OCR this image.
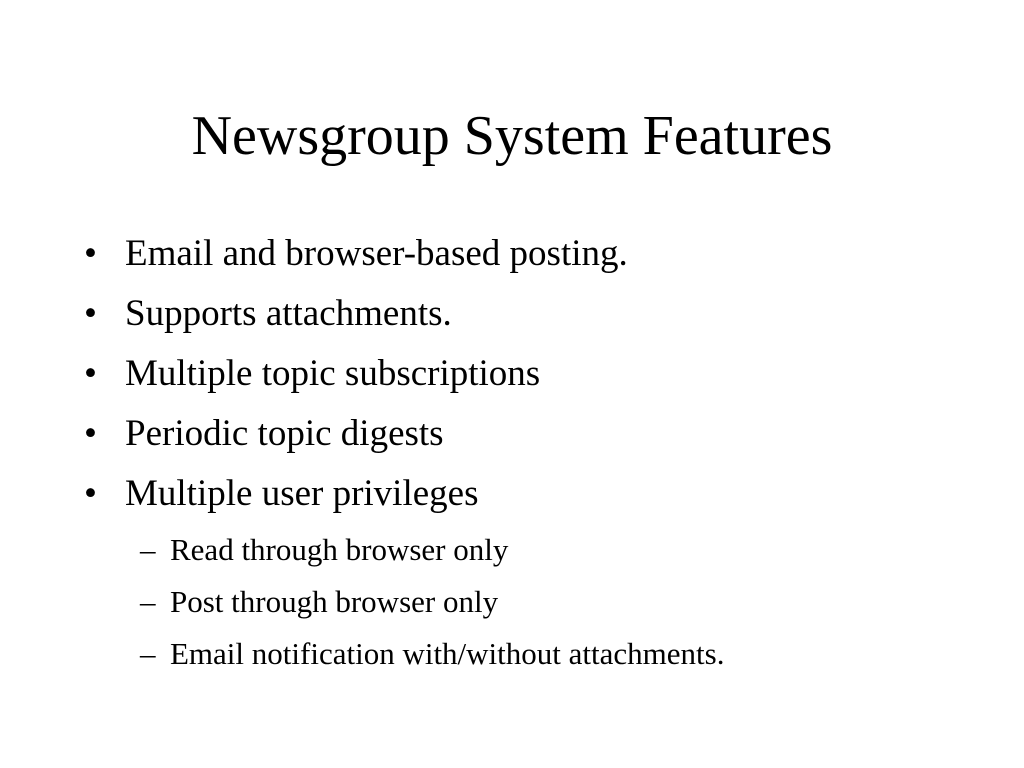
Newsgroup System Features
• Email and browser-based posting.
• Supports attachments.
• Multiple topic subscriptions
• Periodic topic digests
• Multiple user privileges
– Read through browser only
– Post through browser only
– Email notification with/without attachments.
